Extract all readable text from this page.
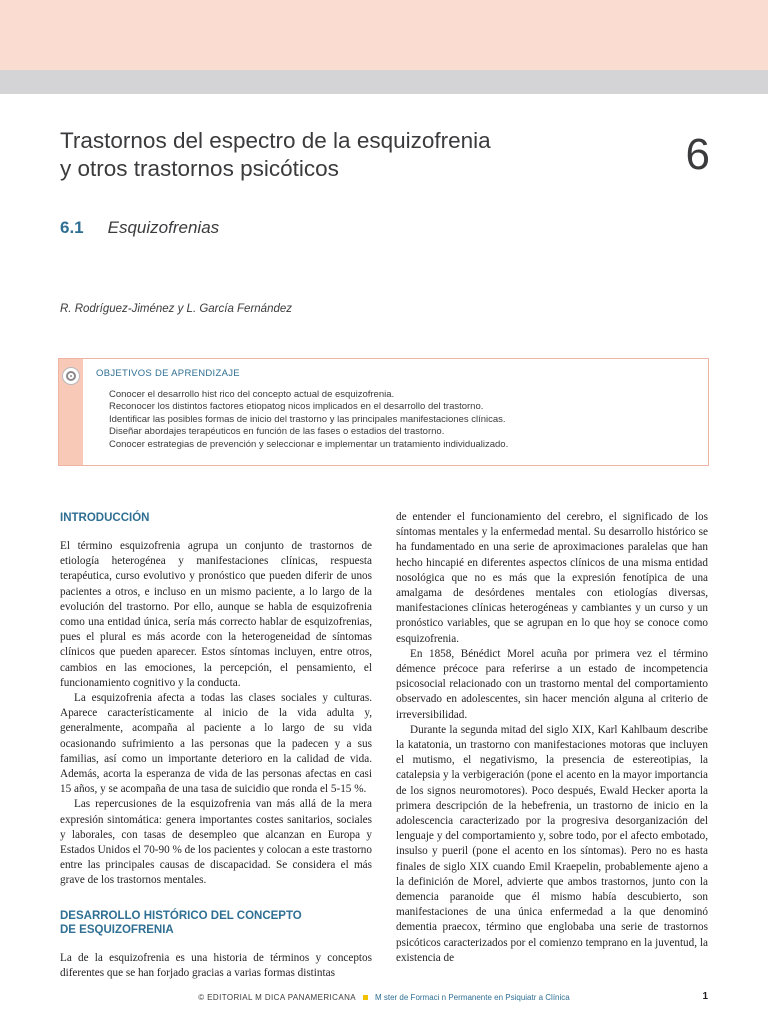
Trastornos del espectro de la esquizofrenia
y otros trastornos psicóticos	6
6.1 Esquizofrenias
R. Rodríguez-Jiménez y L. García Fernández
OBJETIVOS DE APRENDIZAJE
Conocer el desarrollo hist rico del concepto actual de esquizofrenia.
Reconocer los distintos factores etiopatog nicos implicados en el desarrollo del trastorno.
Identificar las posibles formas de inicio del trastorno y las principales manifestaciones clínicas.
Diseñar abordajes terapéuticos en función de las fases o estadios del trastorno.
Conocer estrategias de prevención y seleccionar e implementar un tratamiento individualizado.
INTRODUCCIÓN

El término esquizofrenia agrupa un conjunto de trastornos de etiología heterogénea y manifestaciones clínicas, respuesta terapéutica, curso evolutivo y pronóstico que pueden diferir de unos pacientes a otros, e incluso en un mismo paciente, a lo largo de la evolución del trastorno. Por ello, aunque se habla de esquizofrenia como una entidad única, sería más correcto hablar de esquizofrenias, pues el plural es más acorde con la heterogeneidad de síntomas clínicos que pueden aparecer. Estos síntomas incluyen, entre otros, cambios en las emociones, la percepción, el pensamiento, el funcionamiento cognitivo y la conducta.

La esquizofrenia afecta a todas las clases sociales y culturas. Aparece característicamente al inicio de la vida adulta y, generalmente, acompaña al paciente a lo largo de su vida ocasionando sufrimiento a las personas que la padecen y a sus familias, así como un importante deterioro en la calidad de vida. Además, acorta la esperanza de vida de las personas afectas en casi 15 años, y se acompaña de una tasa de suicidio que ronda el 5-15 %.

Las repercusiones de la esquizofrenia van más allá de la mera expresión sintomática: genera importantes costes sanitarios, sociales y laborales, con tasas de desempleo que alcanzan en Europa y Estados Unidos el 70-90 % de los pacientes y colocan a este trastorno entre las principales causas de discapacidad. Se considera el más grave de los trastornos mentales.

DESARROLLO HISTÓRICO DEL CONCEPTO
DE ESQUIZOFRENIA

La de la esquizofrenia es una historia de términos y conceptos diferentes que se han forjado gracias a varias formas distintas

de entender el funcionamiento del cerebro, el significado de los síntomas mentales y la enfermedad mental. Su desarrollo histórico se ha fundamentado en una serie de aproximaciones paralelas que han hecho hincapié en diferentes aspectos clínicos de una misma entidad nosológica que no es más que la expresión fenotípica de una amalgama de desórdenes mentales con etiologías diversas, manifestaciones clínicas heterogéneas y cambiantes y un curso y un pronóstico variables, que se agrupan en lo que hoy se conoce como esquizofrenia.

En 1858, Bénédict Morel acuña por primera vez el término démence précoce para referirse a un estado de incompetencia psicosocial relacionado con un trastorno mental del comportamiento observado en adolescentes, sin hacer mención alguna al criterio de irreversibilidad.

Durante la segunda mitad del siglo XIX, Karl Kahlbaum describe la katatonia, un trastorno con manifestaciones motoras que incluyen el mutismo, el negativismo, la presencia de estereotipias, la catalepsia y la verbigeración (pone el acento en la mayor importancia de los signos neuromotores). Poco después, Ewald Hecker aporta la primera descripción de la hebefrenia, un trastorno de inicio en la adolescencia caracterizado por la progresiva desorganización del lenguaje y del comportamiento y, sobre todo, por el afecto embotado, insulso y pueril (pone el acento en los síntomas). Pero no es hasta finales de siglo XIX cuando Emil Kraepelin, probablemente ajeno a la definición de Morel, advierte que ambos trastornos, junto con la demencia paranoide que él mismo había descubierto, son manifestaciones de una única enfermedad a la que denominó dementia praecox, término que englobaba una serie de trastornos psicóticos caracterizados por el comienzo temprano en la juventud, la existencia de

© EDITORIAL M DICA PANAMERICANA M ster de Formaci n Permanente en Psiquiatr a Clínica	1
